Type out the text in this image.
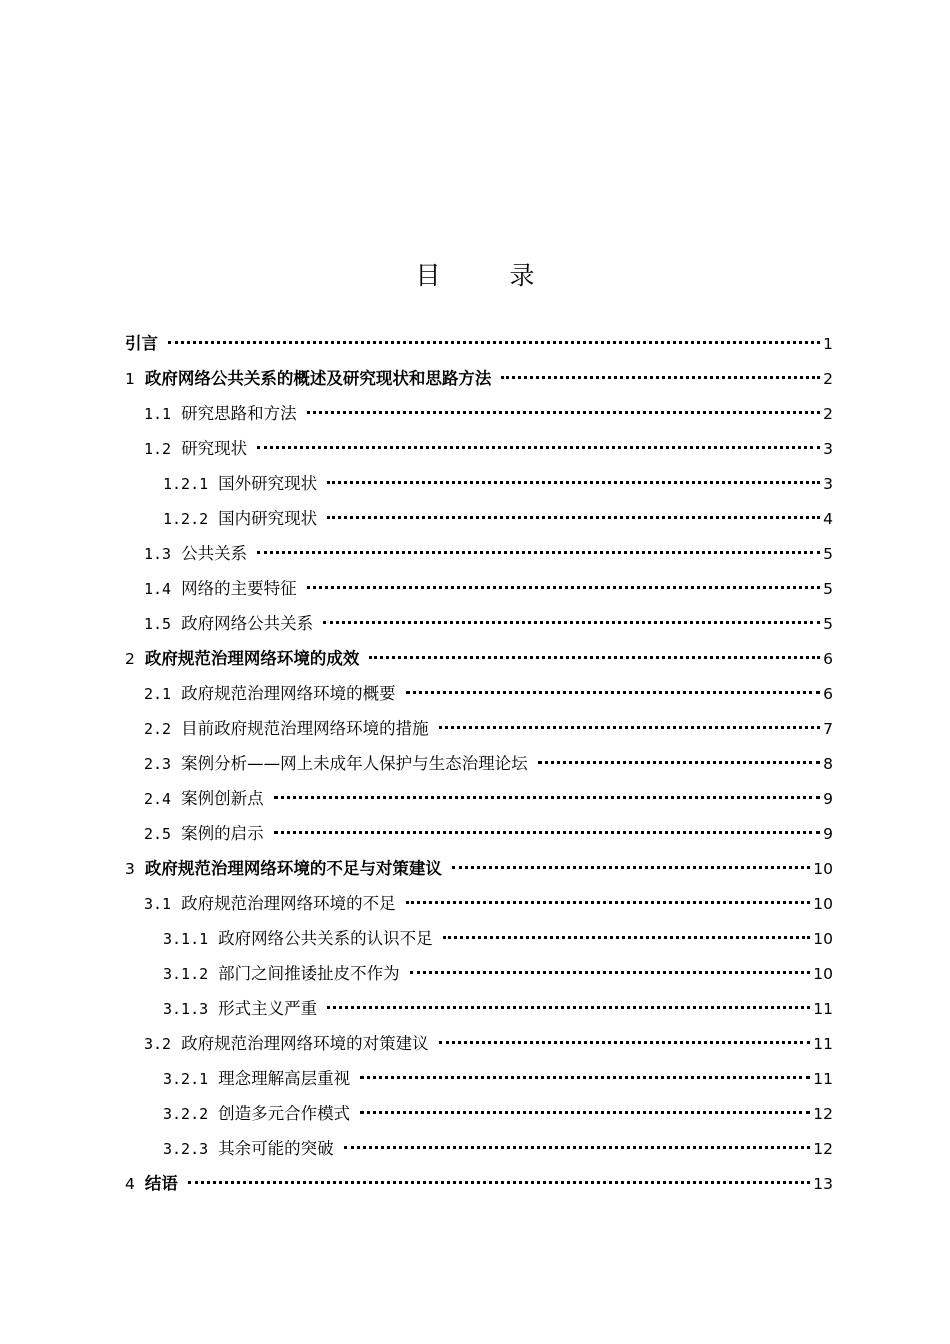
目　录
引言	1
1 政府网络公共关系的概述及研究现状和思路方法	2
1.1 研究思路和方法	2
1.2 研究现状	3
1.2.1 国外研究现状	3
1.2.2 国内研究现状	4
1.3 公共关系	5
1.4 网络的主要特征	5
1.5 政府网络公共关系	5
2 政府规范治理网络环境的成效	6
2.1 政府规范治理网络环境的概要	6
2.2 目前政府规范治理网络环境的措施	7
2.3 案例分析——网上未成年人保护与生态治理论坛	8
2.4 案例创新点	9
2.5 案例的启示	9
3 政府规范治理网络环境的不足与对策建议	10
3.1 政府规范治理网络环境的不足	10
3.1.1 政府网络公共关系的认识不足	10
3.1.2 部门之间推诿扯皮不作为	10
3.1.3 形式主义严重	11
3.2 政府规范治理网络环境的对策建议	11
3.2.1 理念理解高层重视	11
3.2.2 创造多元合作模式	12
3.2.3 其余可能的突破	12
4 结语	13
